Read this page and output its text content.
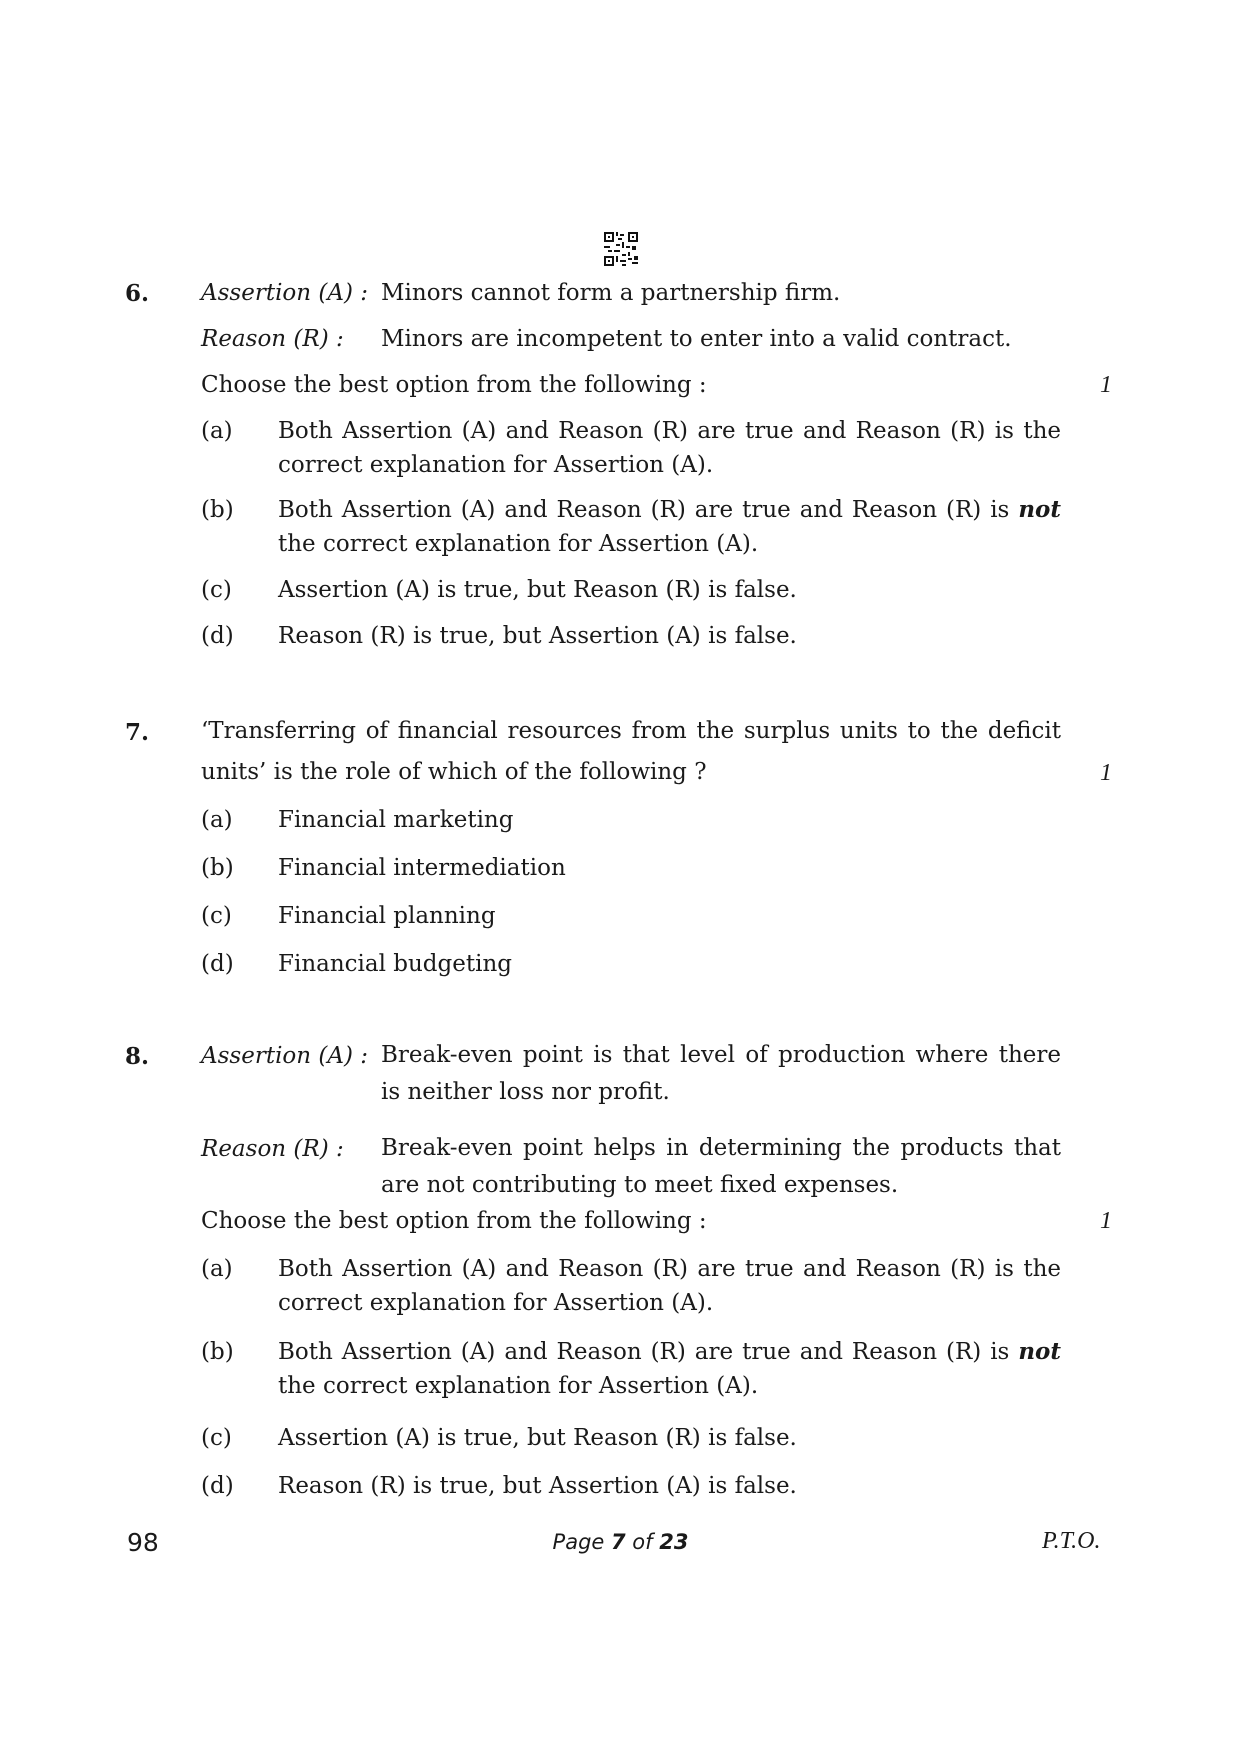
6. Assertion (A) : Minors cannot form a partnership firm.
Reason (R) : Minors are incompetent to enter into a valid contract.
Choose the best option from the following :	1
(a) Both Assertion (A) and Reason (R) are true and Reason (R) is the correct explanation for Assertion (A).
(b) Both Assertion (A) and Reason (R) are true and Reason (R) is not the correct explanation for Assertion (A).
(c) Assertion (A) is true, but Reason (R) is false.
(d) Reason (R) is true, but Assertion (A) is false.
7. ‘Transferring of financial resources from the surplus units to the deficit units’ is the role of which of the following ?	1
(a) Financial marketing
(b) Financial intermediation
(c) Financial planning
(d) Financial budgeting
8. Assertion (A) : Break-even point is that level of production where there is neither loss nor profit.
Reason (R) : Break-even point helps in determining the products that are not contributing to meet fixed expenses.
Choose the best option from the following :	1
(a) Both Assertion (A) and Reason (R) are true and Reason (R) is the correct explanation for Assertion (A).
(b) Both Assertion (A) and Reason (R) are true and Reason (R) is not the correct explanation for Assertion (A).
(c) Assertion (A) is true, but Reason (R) is false.
(d) Reason (R) is true, but Assertion (A) is false.
98	Page 7 of 23	P.T.O.
